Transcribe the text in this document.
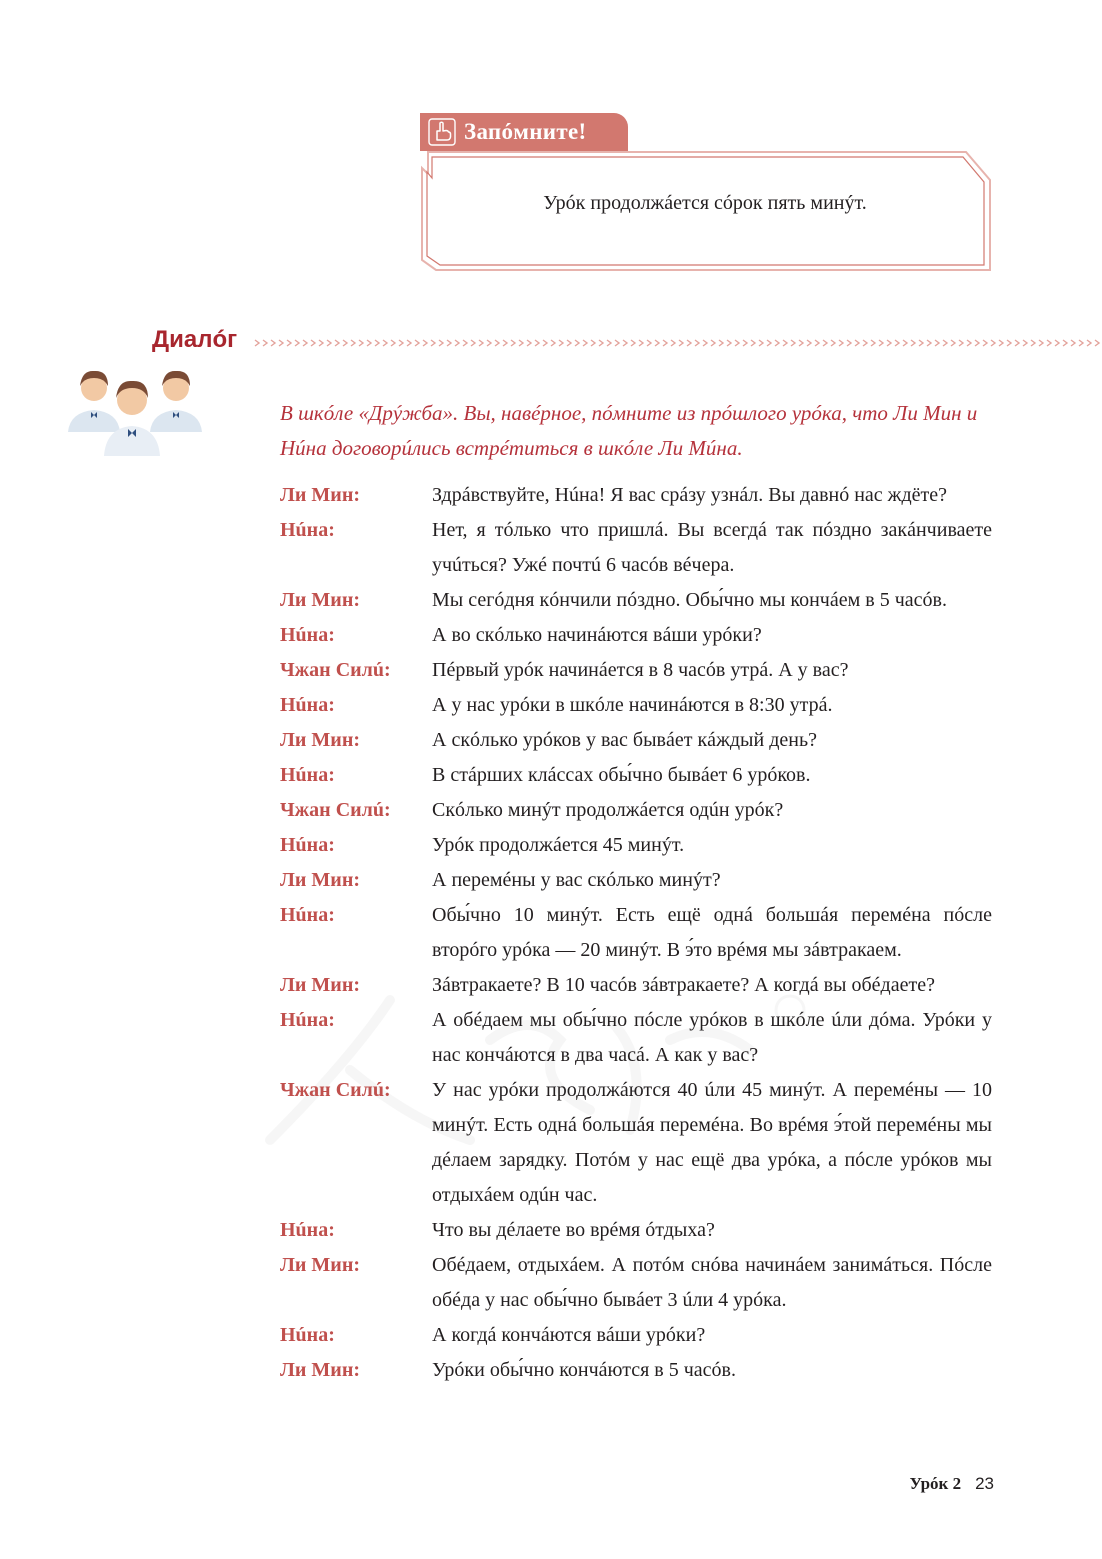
Запóмните!
Урóк продолжáется сóрок пять минýт.
Диалóг
В шкóле «Дрýжба». Вы, навéрное, пóмните из прóшлого урóка, что Ли Мин и Нúна договорúлись встрéтиться в шкóле Ли Мúна.
Ли Мин:	Здрáвствуйте, Нúна! Я вас срáзу узнáл. Вы давнó нас ждёте?
Нúна:	Нет, я тóлько что пришлá. Вы всегдá так пóздно закáнчиваете учúться? Ужé почтú 6 часóв вéчера.
Ли Мин:	Мы сегóдня кóнчили пóздно. Обы́чно мы кончáем в 5 часóв.
Нúна:	А во скóлько начинáются вáши урóки?
Чжан Силú:	Пéрвый урóк начинáется в 8 часóв утрá. А у вас?
Нúна:	А у нас урóки в шкóле начинáются в 8:30 утрá.
Ли Мин:	А скóлько урóков у вас бывáет кáждый день?
Нúна:	В стáрших клáссах обы́чно бывáет 6 урóков.
Чжан Силú:	Скóлько минýт продолжáется одúн урóк?
Нúна:	Урóк продолжáется 45 минýт.
Ли Мин:	А перемéны у вас скóлько минýт?
Нúна:	Обы́чно 10 минýт. Есть ещё однá большáя перемéна пóсле вторóго урóка — 20 минýт. В э́то врéмя мы зáвтракаем.
Ли Мин:	Зáвтракаете? В 10 часóв зáвтракаете? А когдá вы обéдаете?
Нúна:	А обéдаем мы обы́чно пóсле урóков в шкóле úли дóма. Урóки у нас кончáются в два часá. А как у вас?
Чжан Силú:	У нас урóки продолжáются 40 úли 45 минýт. А перемéны — 10 минýт. Есть однá большáя перемéна. Во врéмя э́той перемéны мы дéлаем зарядку. Потóм у нас ещё два урóка, а пóсле урóков мы отдыхáем одúн час.
Нúна:	Что вы дéлаете во врéмя óтдыха?
Ли Мин:	Обéдаем, отдыхáем. А потóм снóва начинáем занимáться. Пóсле обéда у нас обы́чно бывáет 3 úли 4 урóка.
Нúна:	А когдá кончáются вáши урóки?
Ли Мин:	Урóки обы́чно кончáются в 5 часóв.
Урóк 2 23
